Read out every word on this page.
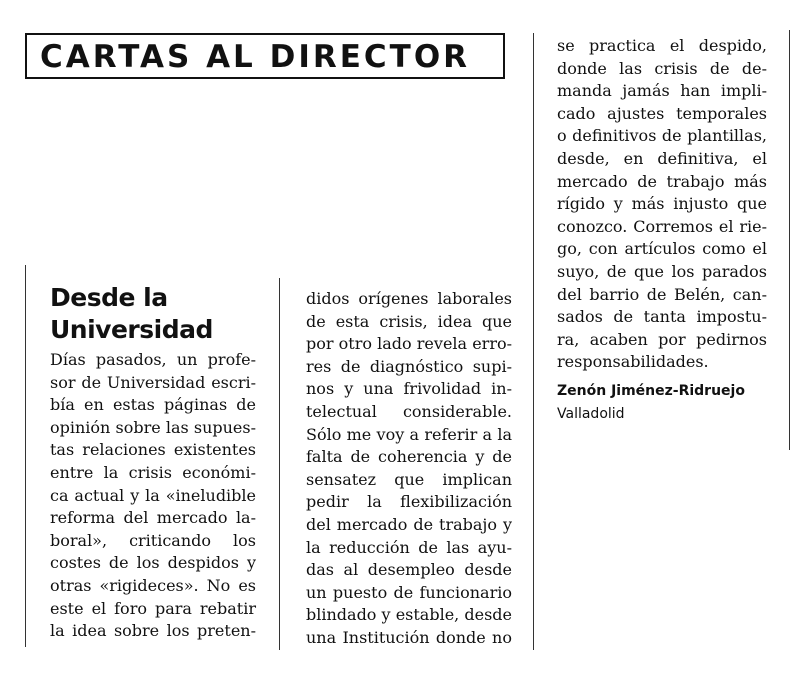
CARTAS AL DIRECTOR
Desde la
Universidad
Días pasados, un profe-
sor de Universidad escri-
bía en estas páginas de
opinión sobre las supues-
tas relaciones existentes
entre la crisis económi-
ca actual y la «ineludible
reforma del mercado la-
boral», criticando los
costes de los despidos y
otras «rigideces». No es
este el foro para rebatir
la idea sobre los preten-
didos orígenes laborales
de esta crisis, idea que
por otro lado revela erro-
res de diagnóstico supi-
nos y una frivolidad in-
telectual considerable.
Sólo me voy a referir a la
falta de coherencia y de
sensatez que implican
pedir la flexibilización
del mercado de trabajo y
la reducción de las ayu-
das al desempleo desde
un puesto de funcionario
blindado y estable, desde
una Institución donde no
se practica el despido,
donde las crisis de de-
manda jamás han impli-
cado ajustes temporales
o definitivos de plantillas,
desde, en definitiva, el
mercado de trabajo más
rígido y más injusto que
conozco. Corremos el rie-
go, con artículos como el
suyo, de que los parados
del barrio de Belén, can-
sados de tanta impostu-
ra, acaben por pedirnos
responsabilidades.
Zenón Jiménez-Ridruejo
Valladolid
